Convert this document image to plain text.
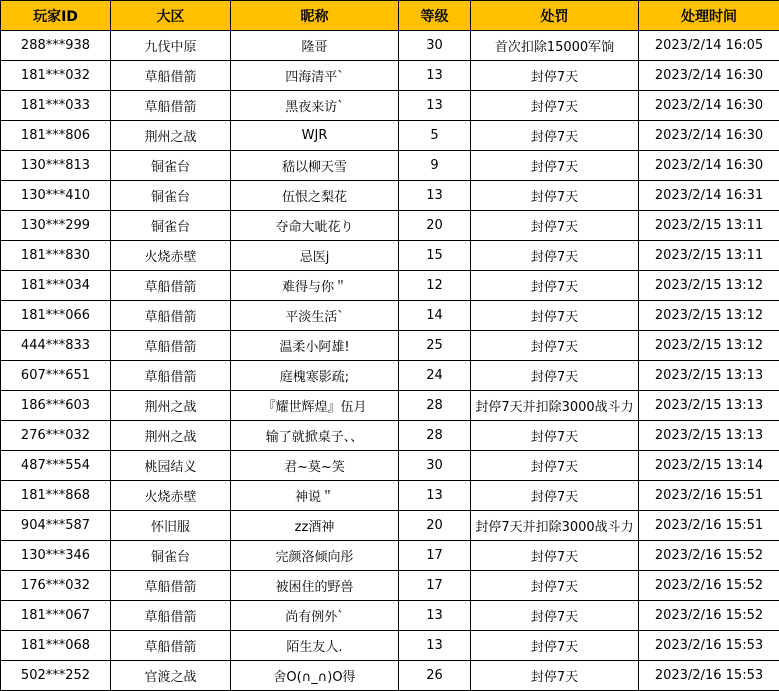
玩家ID	大区	昵称	等级	处罚	处理时间
288***938	九伐中原	隆哥	30	首次扣除15000军饷	2023/2/14 16:05
181***032	草船借箭	四海清平`	13	封停7天	2023/2/14 16:30
181***033	草船借箭	黑夜来访`	13	封停7天	2023/2/14 16:30
181***806	荆州之战	WJR	5	封停7天	2023/2/14 16:30
130***813	铜雀台	嵇以柳天雪	9	封停7天	2023/2/14 16:30
130***410	铜雀台	伍恨之梨花	13	封停7天	2023/2/14 16:31
130***299	铜雀台	夺命大呲花り	20	封停7天	2023/2/15 13:11
181***830	火烧赤壁	忌医j	15	封停7天	2023/2/15 13:11
181***034	草船借箭	难得与你＂	12	封停7天	2023/2/15 13:12
181***066	草船借箭	平淡生活`	14	封停7天	2023/2/15 13:12
444***833	草船借箭	温柔小阿雄!	25	封停7天	2023/2/15 13:12
607***651	草船借箭	庭槐寒影疏;	24	封停7天	2023/2/15 13:13
186***603	荆州之战	『耀世辉煌』伍月	28	封停7天并扣除3000战斗力	2023/2/15 13:13
276***032	荆州之战	输了就掀桌子、、	28	封停7天	2023/2/15 13:13
487***554	桃园结义	君~莫~笑	30	封停7天	2023/2/15 13:14
181***868	火烧赤壁	神说＂	13	封停7天	2023/2/16 15:51
904***587	怀旧服	zz酒神	20	封停7天并扣除3000战斗力	2023/2/16 15:51
130***346	铜雀台	完颜洛倾向彤	17	封停7天	2023/2/16 15:52
176***032	草船借箭	被困住的野兽	17	封停7天	2023/2/16 15:52
181***067	草船借箭	尚有例外`	13	封停7天	2023/2/16 15:52
181***068	草船借箭	陌生友人.	13	封停7天	2023/2/16 15:53
502***252	官渡之战	舍O(∩_∩)O得	26	封停7天	2023/2/16 15:53
